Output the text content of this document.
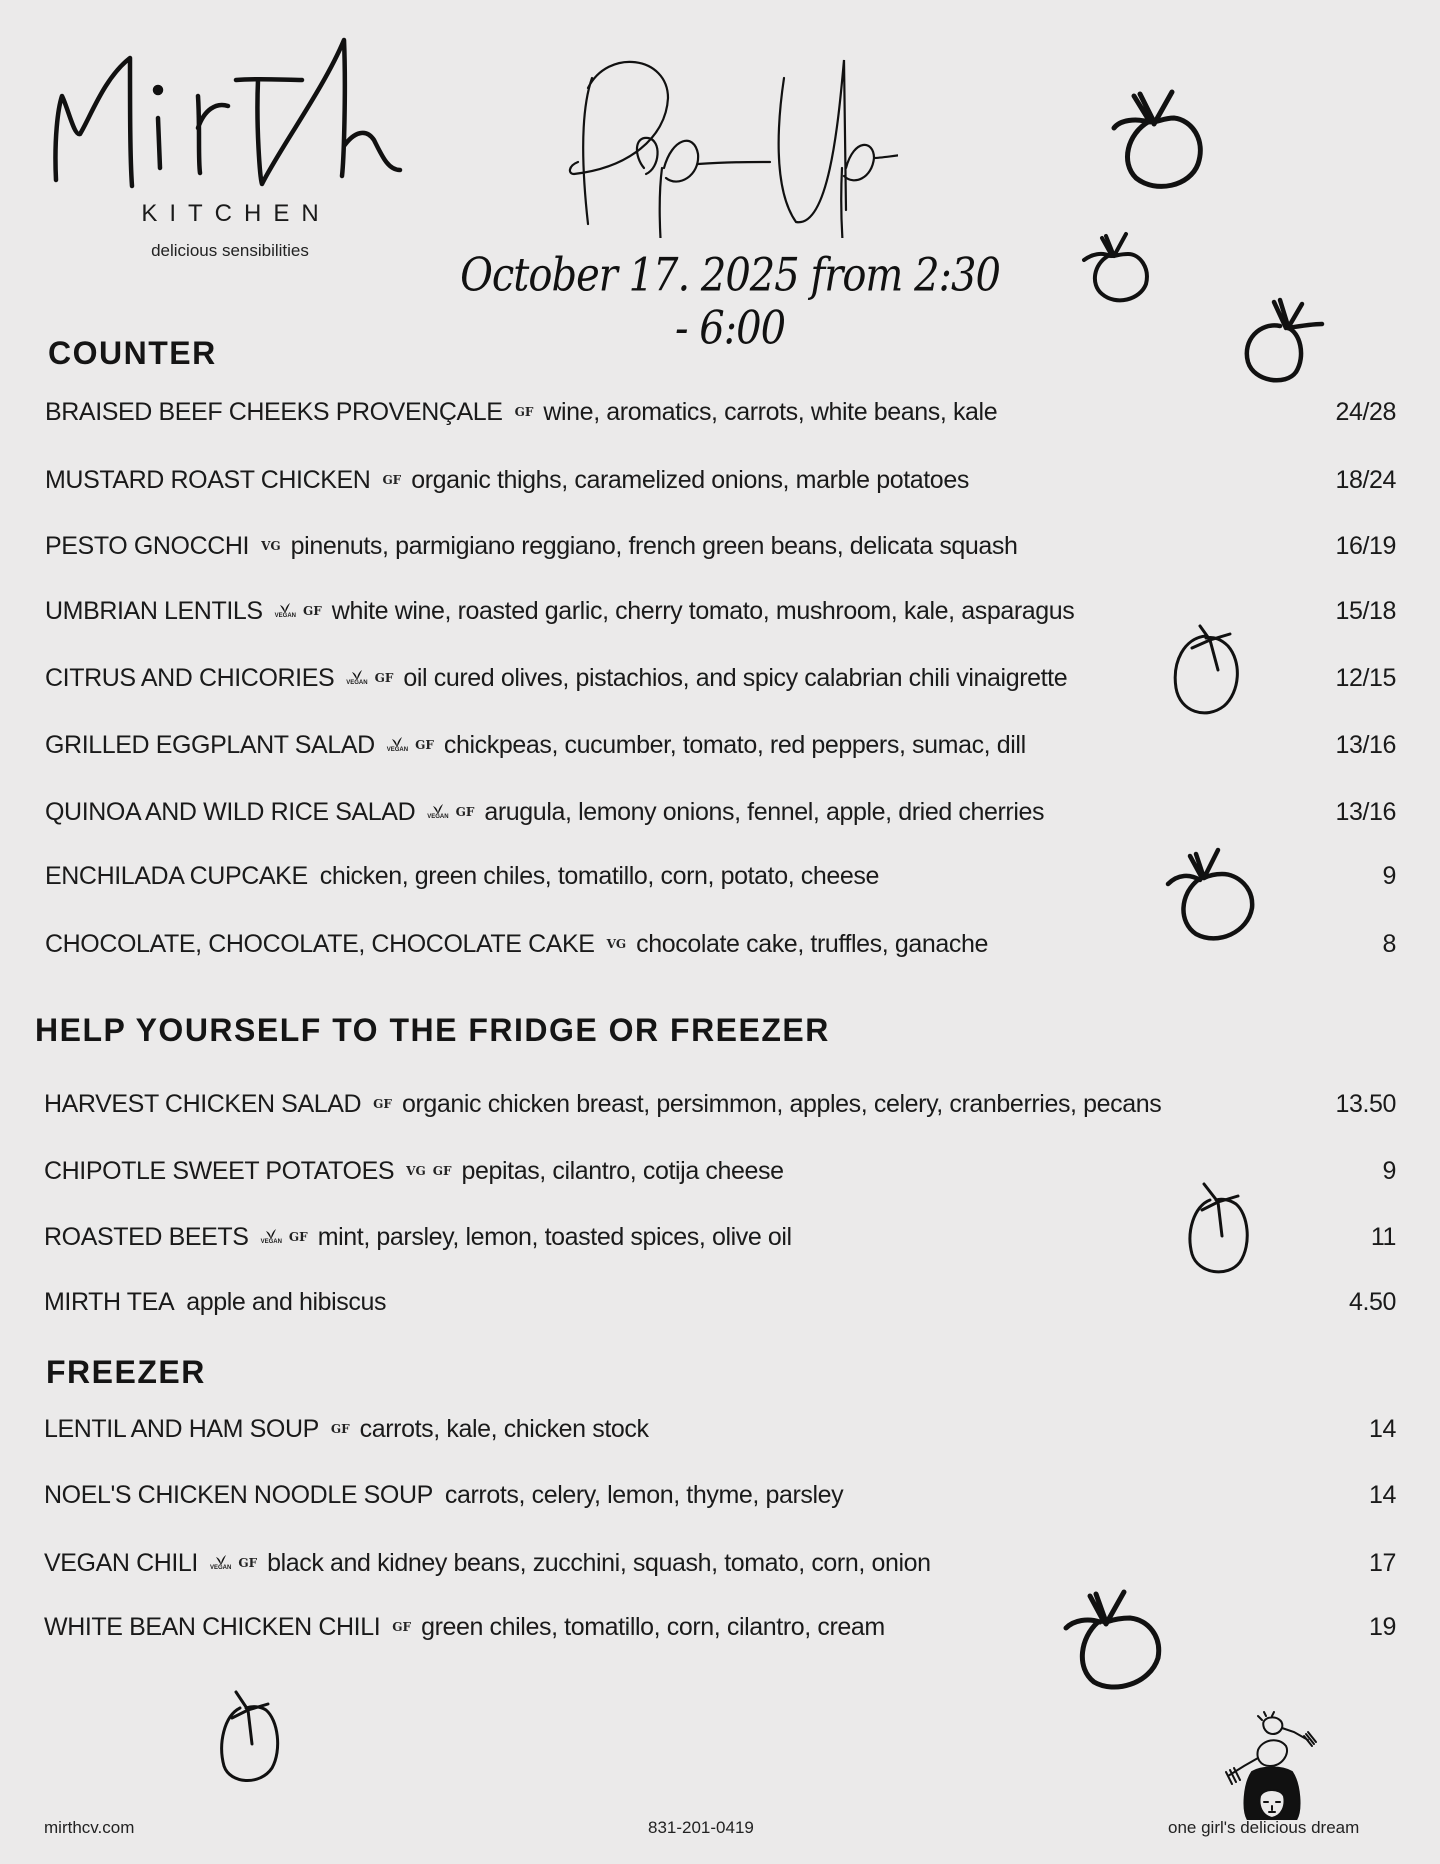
KITCHEN
delicious sensibilities	October 17. 2025 from 2:30 - 6:00
COUNTER
BRAISED BEEF CHEEKS PROVENÇALE GF wine, aromatics, carrots, white beans, kale	24/28
MUSTARD ROAST CHICKEN GF organic thighs, caramelized onions, marble potatoes	18/24
PESTO GNOCCHI VG pinenuts, parmigiano reggiano, french green beans, delicata squash	16/19
UMBRIAN LENTILS VEGAN GF white wine, roasted garlic, cherry tomato, mushroom, kale, asparagus	15/18
CITRUS AND CHICORIES VEGAN GF oil cured olives, pistachios, and spicy calabrian chili vinaigrette	12/15
GRILLED EGGPLANT SALAD VEGAN GF chickpeas, cucumber, tomato, red peppers, sumac, dill	13/16
QUINOA AND WILD RICE SALAD VEGAN GF arugula, lemony onions, fennel, apple, dried cherries	13/16
ENCHILADA CUPCAKE chicken, green chiles, tomatillo, corn, potato, cheese	9
CHOCOLATE, CHOCOLATE, CHOCOLATE CAKE VG chocolate cake, truffles, ganache	8
HELP YOURSELF TO THE FRIDGE OR FREEZER
HARVEST CHICKEN SALAD GF organic chicken breast, persimmon, apples, celery, cranberries, pecans	13.50
CHIPOTLE SWEET POTATOES VG GF pepitas, cilantro, cotija cheese	9
ROASTED BEETS VEGAN GF mint, parsley, lemon, toasted spices, olive oil	11
MIRTH TEA apple and hibiscus	4.50
FREEZER
LENTIL AND HAM SOUP GF carrots, kale, chicken stock	14
NOEL'S CHICKEN NOODLE SOUP carrots, celery, lemon, thyme, parsley	14
VEGAN CHILI VEGAN GF black and kidney beans, zucchini, squash, tomato, corn, onion	17
WHITE BEAN CHICKEN CHILI GF green chiles, tomatillo, corn, cilantro, cream	19
mirthcv.com	831-201-0419	one girl's delicious dream
